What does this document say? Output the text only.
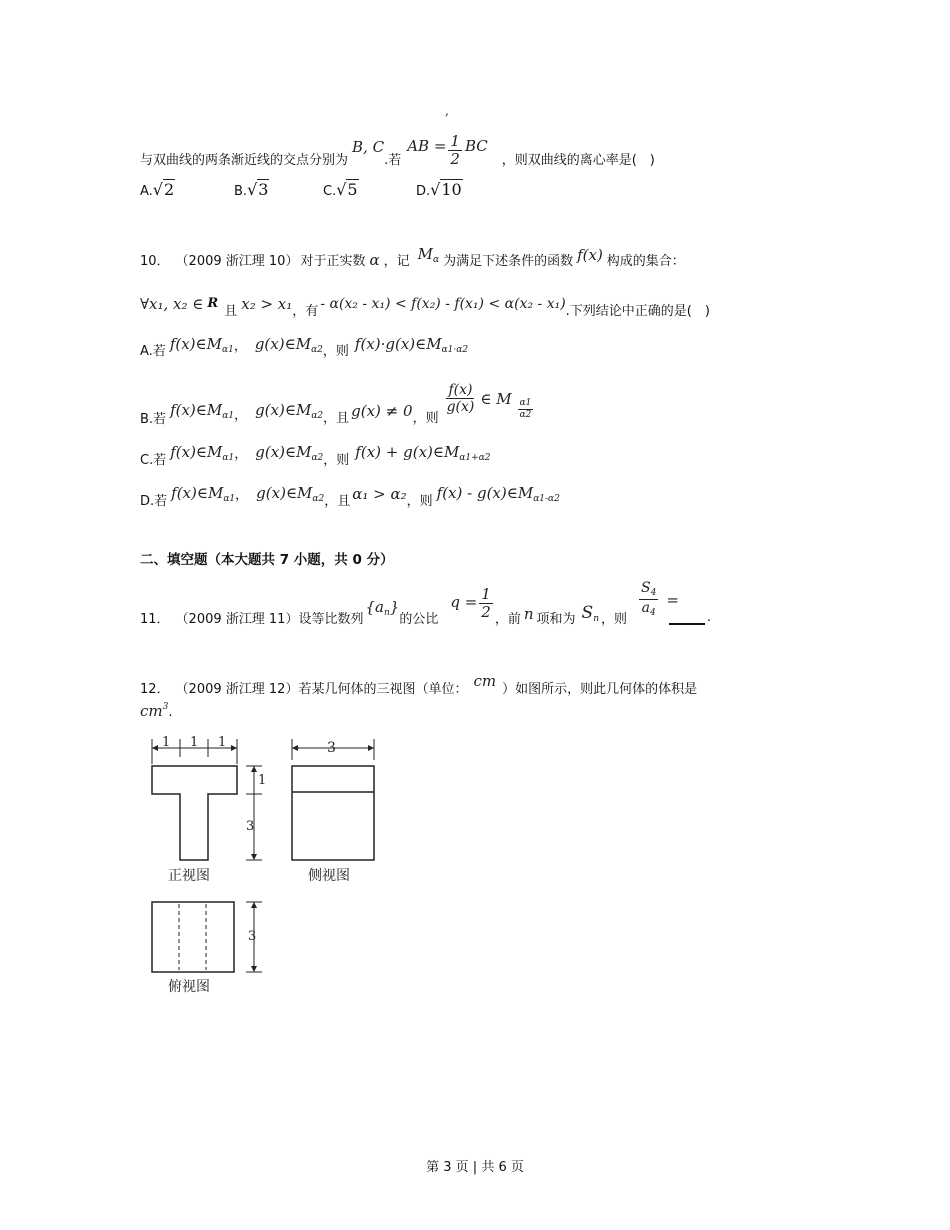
,
与双曲线的两条渐近线的交点分别为
B, C
.若
AB = $\frac{1}{2}$ BC
，则双曲线的离心率是(　)
A.√2	B.√3	C.√5	D.√10
10． （2009 浙江理 10） 对于正实数 α ，记 $M_\alpha$ 为满足下述条件的函数 f(x) 构成的集合：
∀x₁, x₂ ∈ R
且 x₂ > x₁ ，有 - α(x₂ - x₁) < f(x₂) - f(x₁) < α(x₂ - x₁) .下列结论中正确的是(　)
A.若 $f(x)\in M_{\alpha 1}$ ， $g(x)\in M_{\alpha 2}$ ，则 $f(x)\cdot g(x)\in M_{\alpha 1\cdot\alpha 2}$
B.若
$f(x)\in M_{\alpha 1}$ ， $g(x)\in M_{\alpha 2}$ ，且 g(x) ≠ 0 ，则
$\frac{f(x)}{g(x)}$ ∈ M
$\frac{\alpha 1}{\alpha 2}$
C.若 $f(x)\in M_{\alpha 1}$ ， $g(x)\in M_{\alpha 2}$ ，则 $f(x) + g(x)\in M_{\alpha 1+\alpha 2}$
D.若 $f(x)\in M_{\alpha 1}$ ， $g(x)\in M_{\alpha 2}$ ，且 α₁ > α₂ ，则 $f(x) - g(x)\in M_{\alpha 1-\alpha 2}$
二、填空题（本大题共 7 小题，共 0 分）
11． （2009 浙江理 11） 设等比数列
$\{a_n\}$
的公比
$q = \frac{1}{2}$ ，前 n 项和为 $S_n$ ，则
$\frac{S_4}{a_4}$ =
.
12． （2009 浙江理 12） 若某几何体的三视图（单位： cm ）如图所示，则此几何体的体积是
$cm^3$.
1 1 1
1
3
3
3
正视图	侧视图
俯视图
第 3 页 | 共 6 页
